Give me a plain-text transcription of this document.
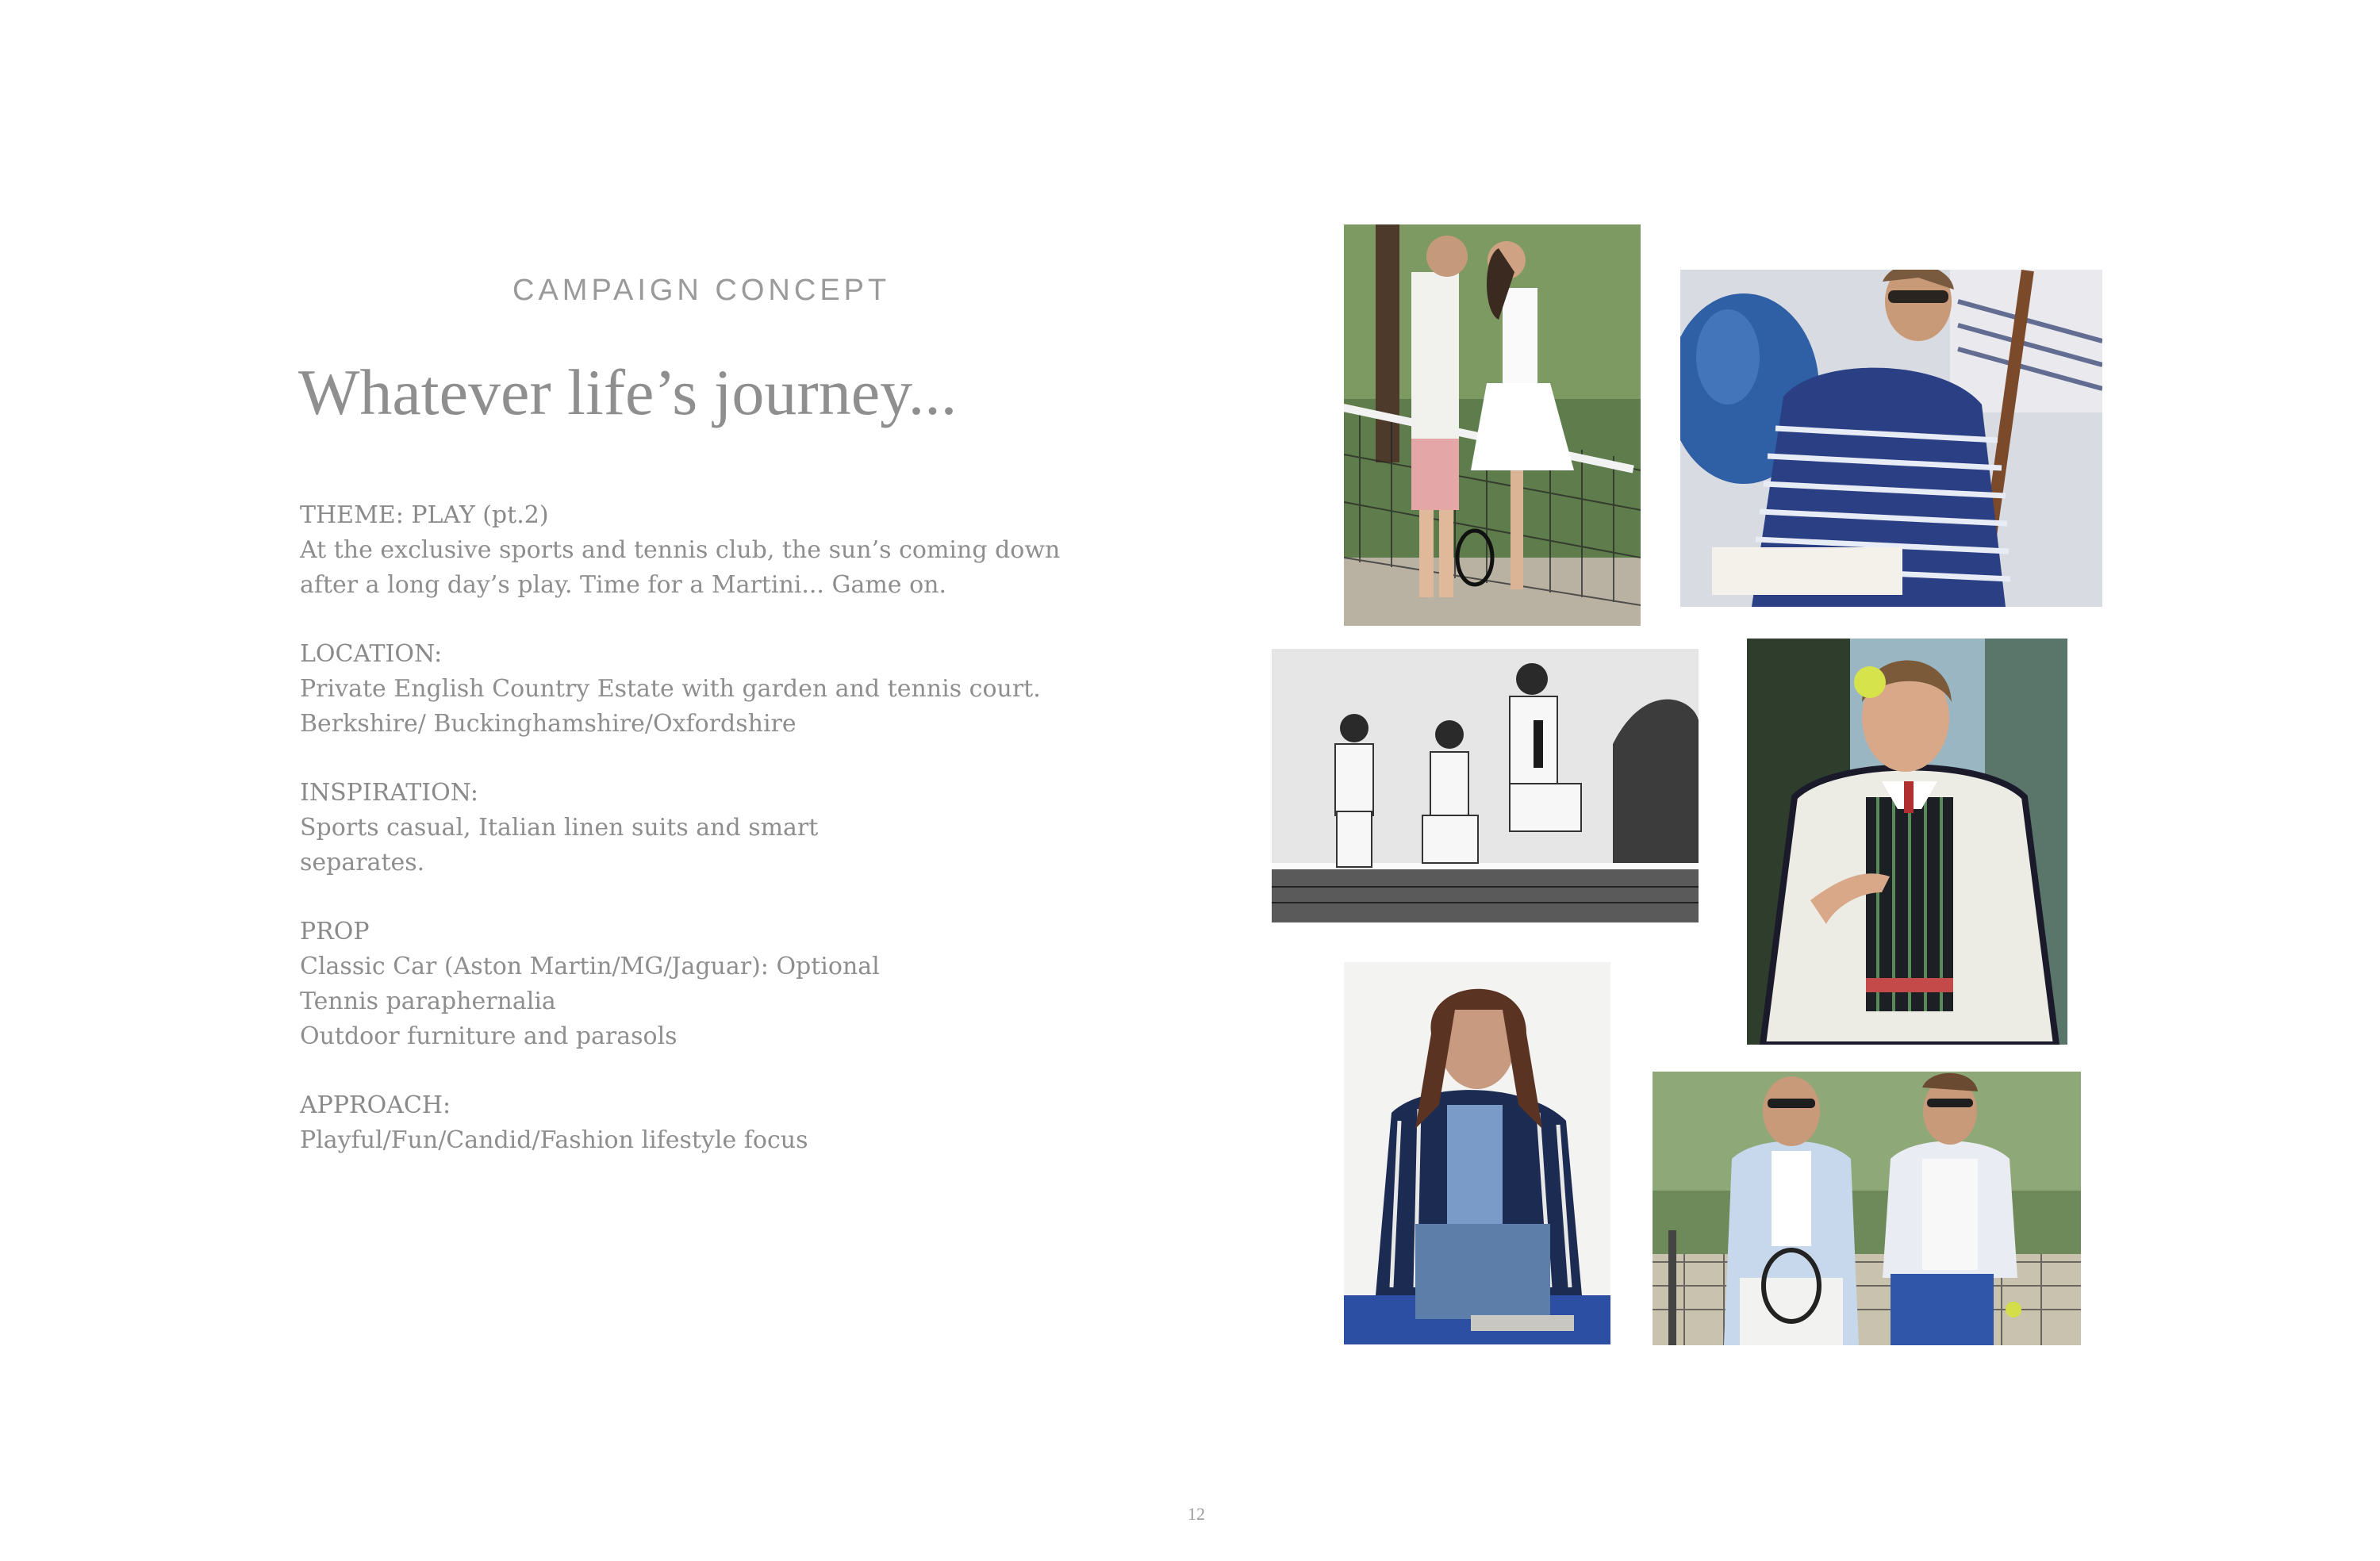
CAMPAIGN CONCEPT
Whatever life’s journey...
THEME: PLAY (pt.2)
At the exclusive sports and tennis club, the sun’s coming down
after a long day’s play. Time for a Martini... Game on.
LOCATION:
Private English Country Estate with garden and tennis court.
Berkshire/ Buckinghamshire/Oxfordshire
INSPIRATION:
Sports casual, Italian linen suits and smart
separates.
PROP
Classic Car (Aston Martin/MG/Jaguar): Optional
Tennis paraphernalia
Outdoor furniture and parasols
APPROACH:
Playful/Fun/Candid/Fashion lifestyle focus
12
